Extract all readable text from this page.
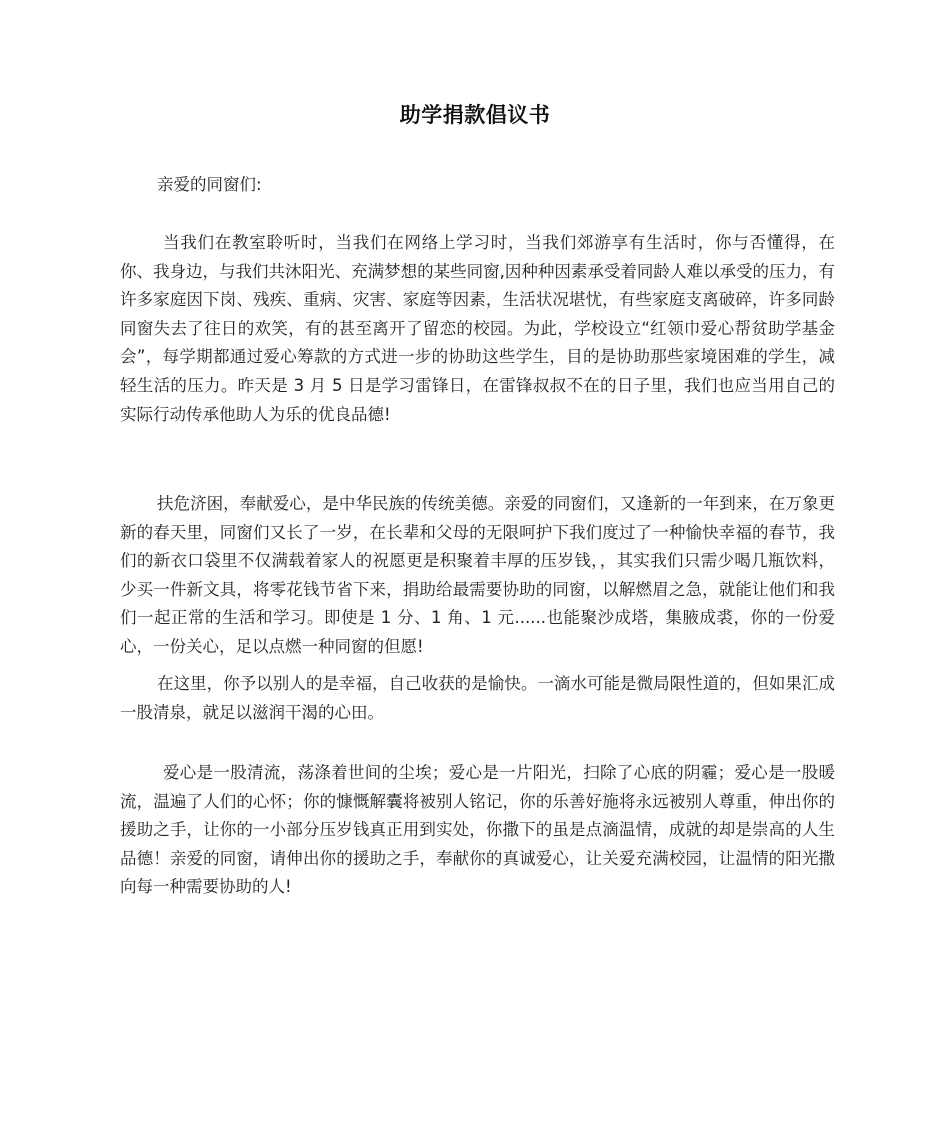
助学捐款倡议书
亲爱的同窗们:

当我们在教室聆听时，当我们在网络上学习时，当我们郊游享有生活时，你与否懂得，在你、我身边，与我们共沐阳光、充满梦想的某些同窗,因种种因素承受着同龄人难以承受的压力，有许多家庭因下岗、残疾、重病、灾害、家庭等因素，生活状况堪忧，有些家庭支离破碎，许多同龄同窗失去了往日的欢笑，有的甚至离开了留恋的校园。为此，学校设立“红领巾爱心帮贫助学基金会”，每学期都通过爱心筹款的方式进一步的协助这些学生，目的是协助那些家境困难的学生，减轻生活的压力。昨天是 3 月 5 日是学习雷锋日，在雷锋叔叔不在的日子里，我们也应当用自己的实际行动传承他助人为乐的优良品德!

扶危济困，奉献爱心，是中华民族的传统美德。亲爱的同窗们，又逢新的一年到来，在万象更新的春天里，同窗们又长了一岁，在长辈和父母的无限呵护下我们度过了一种愉快幸福的春节，我们的新衣口袋里不仅满载着家人的祝愿更是积聚着丰厚的压岁钱，，其实我们只需少喝几瓶饮料，少买一件新文具，将零花钱节省下来，捐助给最需要协助的同窗，以解燃眉之急，就能让他们和我们一起正常的生活和学习。即使是 1 分、1 角、1 元......也能聚沙成塔，集腋成裘，你的一份爱心，一份关心，足以点燃一种同窗的但愿!

在这里，你予以别人的是幸福，自己收获的是愉快。一滴水可能是微局限性道的，但如果汇成一股清泉，就足以滋润干渴的心田。

爱心是一股清流，荡涤着世间的尘埃；爱心是一片阳光，扫除了心底的阴霾；爱心是一股暖流，温遍了人们的心怀；你的慷慨解囊将被别人铭记，你的乐善好施将永远被别人尊重，伸出你的援助之手，让你的一小部分压岁钱真正用到实处，你撒下的虽是点滴温情，成就的却是崇高的人生品德！亲爱的同窗，请伸出你的援助之手，奉献你的真诚爱心，让关爱充满校园，让温情的阳光撒向每一种需要协助的人!
